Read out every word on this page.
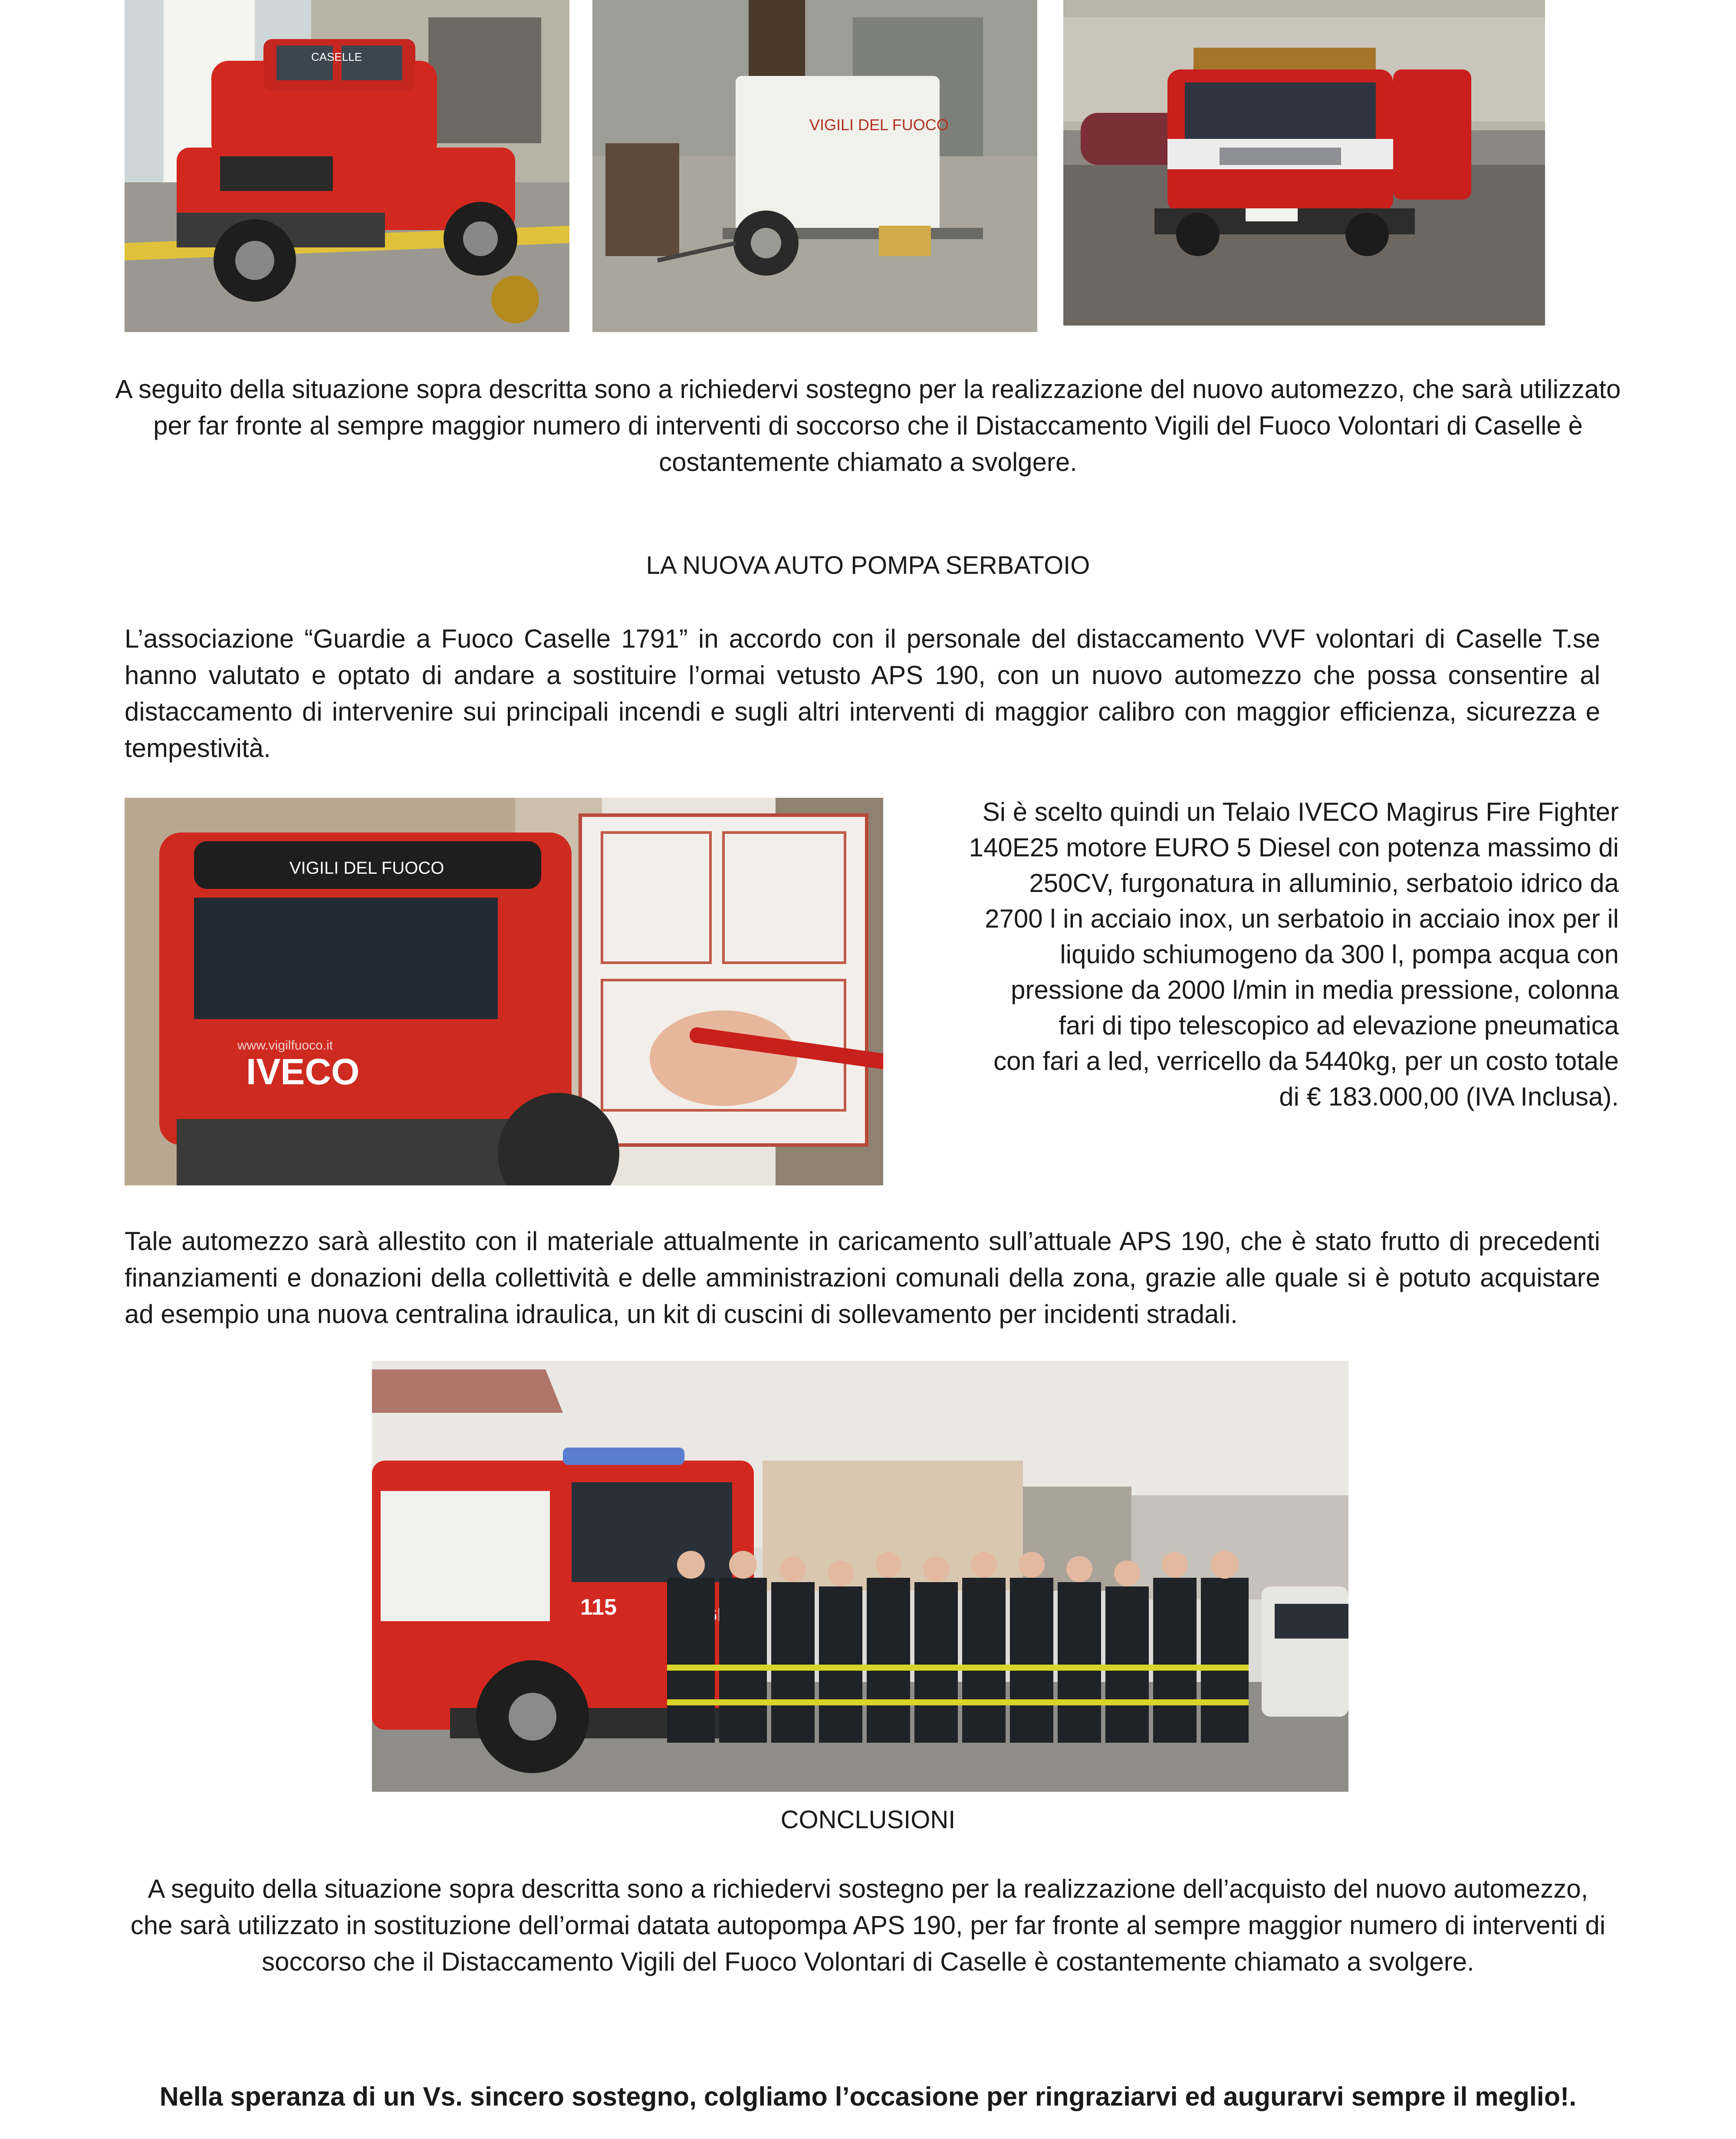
CASELLE
VIGILI DEL FUOCO
A seguito della situazione sopra descritta sono a richiedervi sostegno per la realizzazione del nuovo automezzo, che sarà utilizzato per far fronte al sempre maggior numero di interventi di soccorso che il Distaccamento Vigili del Fuoco Volontari di Caselle è costantemente chiamato a svolgere.
LA NUOVA AUTO POMPA SERBATOIO
L’associazione “Guardie a Fuoco Caselle 1791” in accordo con il personale del distaccamento VVF volontari di Caselle T.se hanno valutato e optato di andare a sostituire l’ormai vetusto APS 190, con un nuovo automezzo che possa consentire al distaccamento di intervenire sui principali incendi e sugli altri interventi di maggior calibro con maggior efficienza, sicurezza e tempestività.
VIGILI DEL FUOCO
IVECO
www.vigilfuoco.it
Si è scelto quindi un Telaio IVECO Magirus Fire Fighter
140E25 motore EURO 5 Diesel con potenza massimo di
250CV, furgonatura in alluminio, serbatoio idrico da
2700 l in acciaio inox, un serbatoio in acciaio inox per il
liquido schiumogeno da 300 l, pompa acqua con
pressione da 2000 l/min in media pressione, colonna
fari di tipo telescopico ad elevazione pneumatica
con fari a led, verricello da 5440kg, per un costo totale
di € 183.000,00 (IVA Inclusa).
Tale automezzo sarà allestito con il materiale attualmente in caricamento sull’attuale APS 190, che è stato frutto di precedenti finanziamenti e donazioni della collettività e delle amministrazioni comunali della zona, grazie alle quale si è potuto acquistare ad esempio una nuova centralina idraulica, un kit di cuscini di sollevamento per incidenti stradali.
115
CONCLUSIONI
A seguito della situazione sopra descritta sono a richiedervi sostegno per la realizzazione dell’acquisto del nuovo automezzo, che sarà utilizzato in sostituzione dell’ormai datata autopompa APS 190, per far fronte al sempre maggior numero di interventi di soccorso che il Distaccamento Vigili del Fuoco Volontari di Caselle è costantemente chiamato a svolgere.
Nella speranza di un Vs. sincero sostegno, colgliamo l’occasione per ringraziarvi ed augurarvi sempre il meglio!.
